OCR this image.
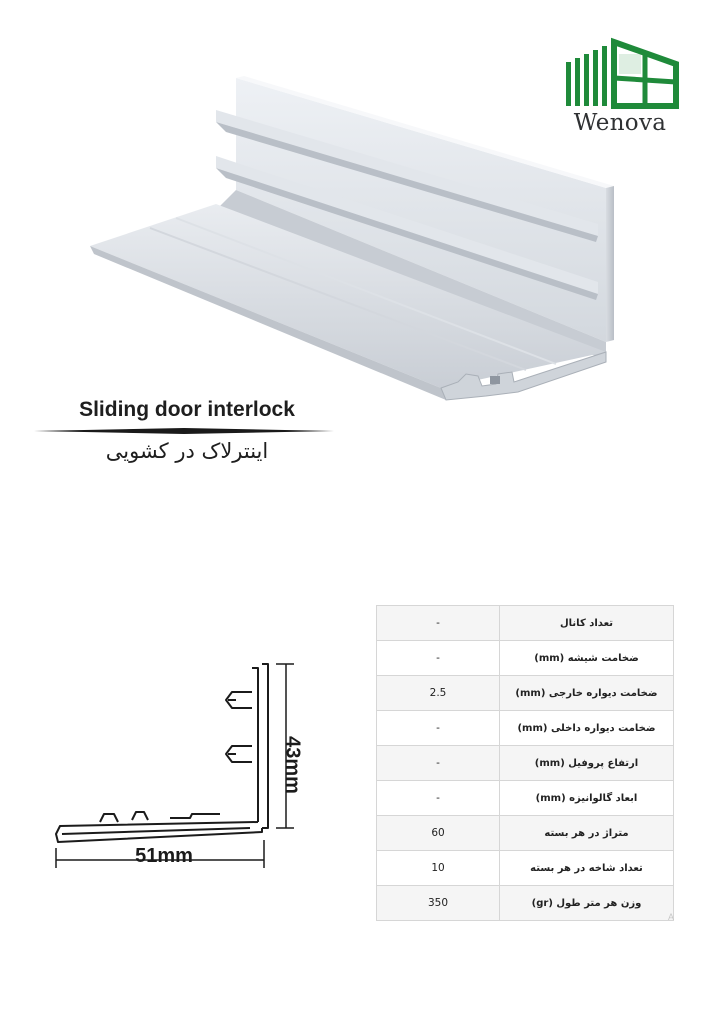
Wenova
Sliding door interlock
اینترلاک در کشویی
51mm
43mm
-	تعداد کانال
-	ضخامت شیشه (mm)
2.5	ضخامت دیواره خارجی (mm)
-	ضخامت دیواره داخلی (mm)
-	ارتفاع پروفیل (mm)
-	ابعاد گالوانیزه (mm)
60	متراژ در هر بسته
10	تعداد شاخه در هر بسته
350	وزن هر متر طول (gr)
A
